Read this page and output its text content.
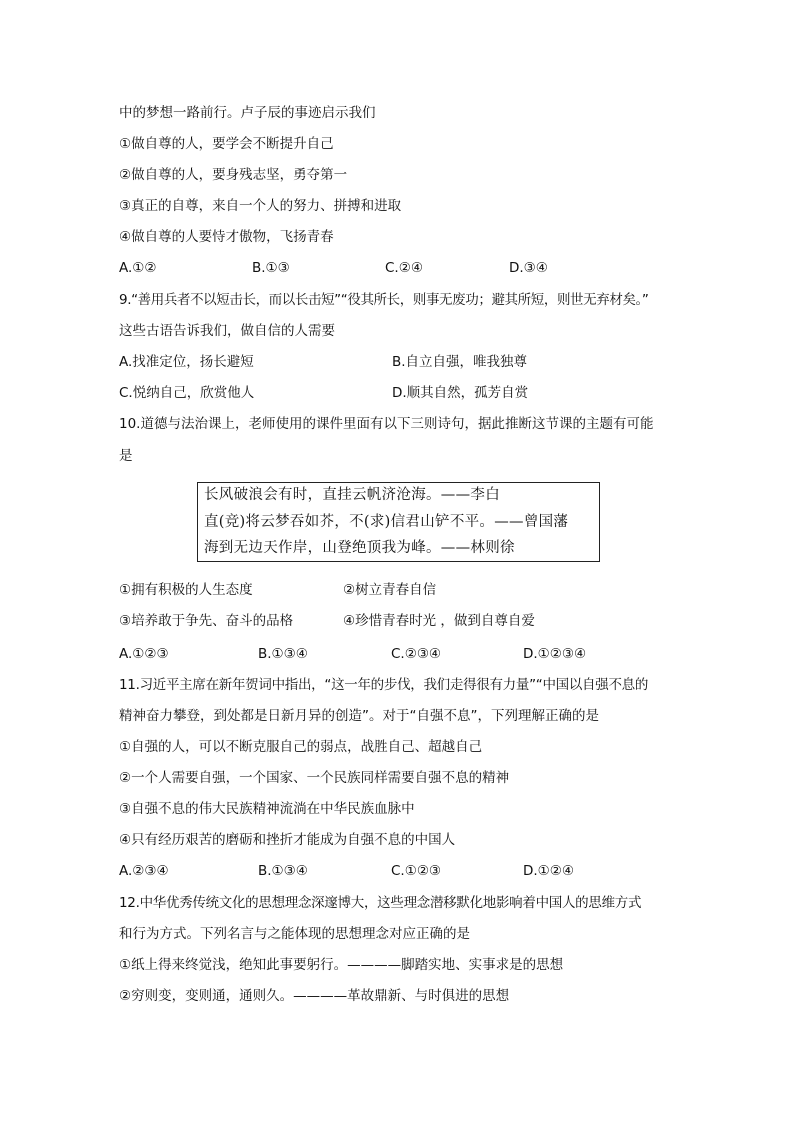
中的梦想一路前行。卢子辰的事迹启示我们
①做自尊的人，要学会不断提升自己
②做自尊的人，要身残志坚，勇夺第一
③真正的自尊，来自一个人的努力、拼搏和进取
④做自尊的人要恃才傲物，飞扬青春
A.①②	B.①③	C.②④	D.③④
9.“善用兵者不以短击长，而以长击短”“役其所长，则事无废功；避其所短，则世无弃材矣。”
这些古语告诉我们，做自信的人需要
A.找准定位，扬长避短	B.自立自强，唯我独尊
C.悦纳自己，欣赏他人	D.顺其自然，孤芳自赏
10.道德与法治课上，老师使用的课件里面有以下三则诗句，据此推断这节课的主题有可能
是
长风破浪会有时，直挂云帆济沧海。——李白
直(竞)将云梦吞如芥，不(求)信君山铲不平。——曾国藩
海到无边天作岸，山登绝顶我为峰。——林则徐
①拥有积极的人生态度	②树立青春自信
③培养敢于争先、奋斗的品格	④珍惜青春时光 ，做到自尊自爱
A.①②③	B.①③④	C.②③④	D.①②③④
11.习近平主席在新年贺词中指出，“这一年的步伐，我们走得很有力量”“中国以自强不息的
精神奋力攀登，到处都是日新月异的创造”。对于“自强不息”，下列理解正确的是
①自强的人，可以不断克服自己的弱点，战胜自己、超越自己
②一个人需要自强，一个国家、一个民族同样需要自强不息的精神
③自强不息的伟大民族精神流淌在中华民族血脉中
④只有经历艰苦的磨砺和挫折才能成为自强不息的中国人
A.②③④	B.①③④	C.①②③	D.①②④
12.中华优秀传统文化的思想理念深邃博大，这些理念潜移默化地影响着中国人的思维方式
和行为方式。下列名言与之能体现的思想理念对应正确的是
①纸上得来终觉浅，绝知此事要躬行。————脚踏实地、实事求是的思想
②穷则变，变则通，通则久。————革故鼎新、与时俱进的思想
